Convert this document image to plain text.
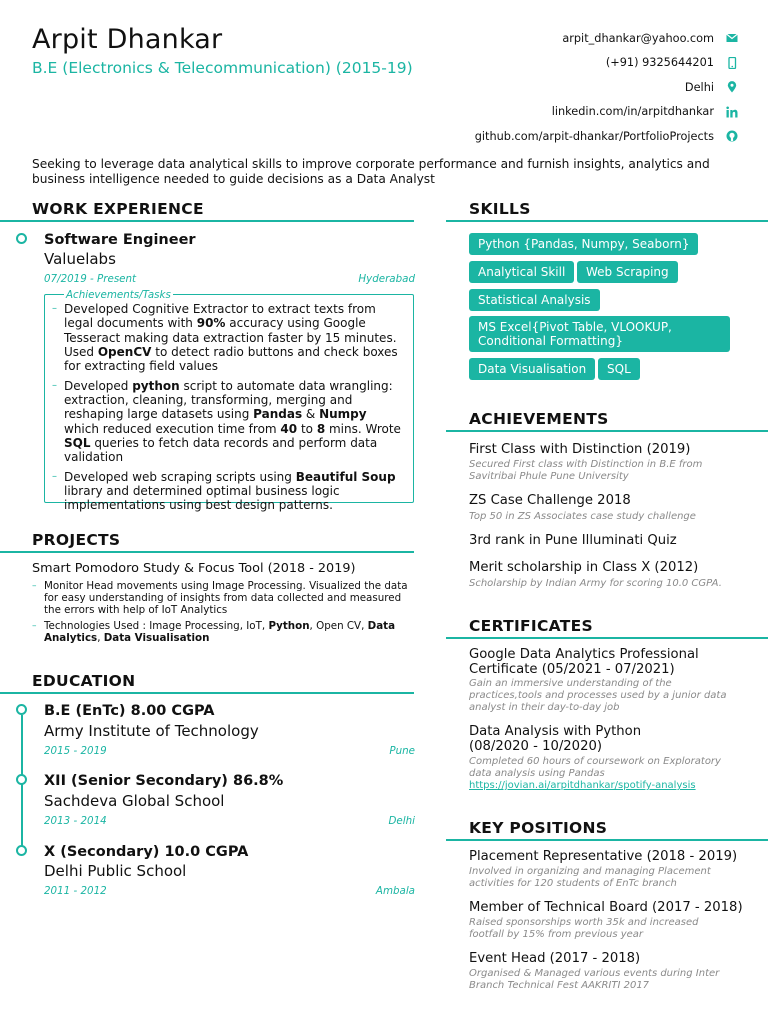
Arpit Dhankar
B.E (Electronics & Telecommunication) (2015-19)
arpit_dhankar@yahoo.com
(+91) 9325644201
Delhi
linkedin.com/in/arpitdhankar
github.com/arpit-dhankar/PortfolioProjects
Seeking to leverage data analytical skills to improve corporate performance and furnish insights, analytics and business intelligence needed to guide decisions as a Data Analyst
WORK EXPERIENCE
Software Engineer
Valuelabs
07/2019 - Present	Hyderabad
Achievements/Tasks
– Developed Cognitive Extractor to extract texts from legal documents with 90% accuracy using Google Tesseract making data extraction faster by 15 minutes. Used OpenCV to detect radio buttons and check boxes for extracting field values
– Developed python script to automate data wrangling: extraction, cleaning, transforming, merging and reshaping large datasets using Pandas & Numpy which reduced execution time from 40 to 8 mins. Wrote SQL queries to fetch data records and perform data validation
– Developed web scraping scripts using Beautiful Soup library and determined optimal business logic implementations using best design patterns.
PROJECTS
Smart Pomodoro Study & Focus Tool (2018 - 2019)
– Monitor Head movements using Image Processing. Visualized the data for easy understanding of insights from data collected and measured the errors with help of IoT Analytics
– Technologies Used : Image Processing, IoT, Python, Open CV, Data Analytics, Data Visualisation
EDUCATION
B.E (EnTc) 8.00 CGPA
Army Institute of Technology
2015 - 2019	Pune
XII (Senior Secondary) 86.8%
Sachdeva Global School
2013 - 2014	Delhi
X (Secondary) 10.0 CGPA
Delhi Public School
2011 - 2012	Ambala
SKILLS
Python {Pandas, Numpy, Seaborn}
Analytical Skill	Web Scraping
Statistical Analysis
MS Excel{Pivot Table, VLOOKUP, Conditional Formatting}
Data Visualisation	SQL
ACHIEVEMENTS
First Class with Distinction (2019)
Secured First class with Distinction in B.E from Savitribai Phule Pune University
ZS Case Challenge 2018
Top 50 in ZS Associates case study challenge
3rd rank in Pune Illuminati Quiz
Merit scholarship in Class X (2012)
Scholarship by Indian Army for scoring 10.0 CGPA.
CERTIFICATES
Google Data Analytics Professional Certificate (05/2021 - 07/2021)
Gain an immersive understanding of the practices,tools and processes used by a junior data analyst in their day-to-day job
Data Analysis with Python (08/2020 - 10/2020)
Completed 60 hours of coursework on Exploratory data analysis using Pandas
https://jovian.ai/arpitdhankar/spotify-analysis
KEY POSITIONS
Placement Representative (2018 - 2019)
Involved in organizing and managing Placement activities for 120 students of EnTc branch
Member of Technical Board (2017 - 2018)
Raised sponsorships worth 35k and increased footfall by 15% from previous year
Event Head (2017 - 2018)
Organised & Managed various events during Inter Branch Technical Fest AAKRITI 2017
